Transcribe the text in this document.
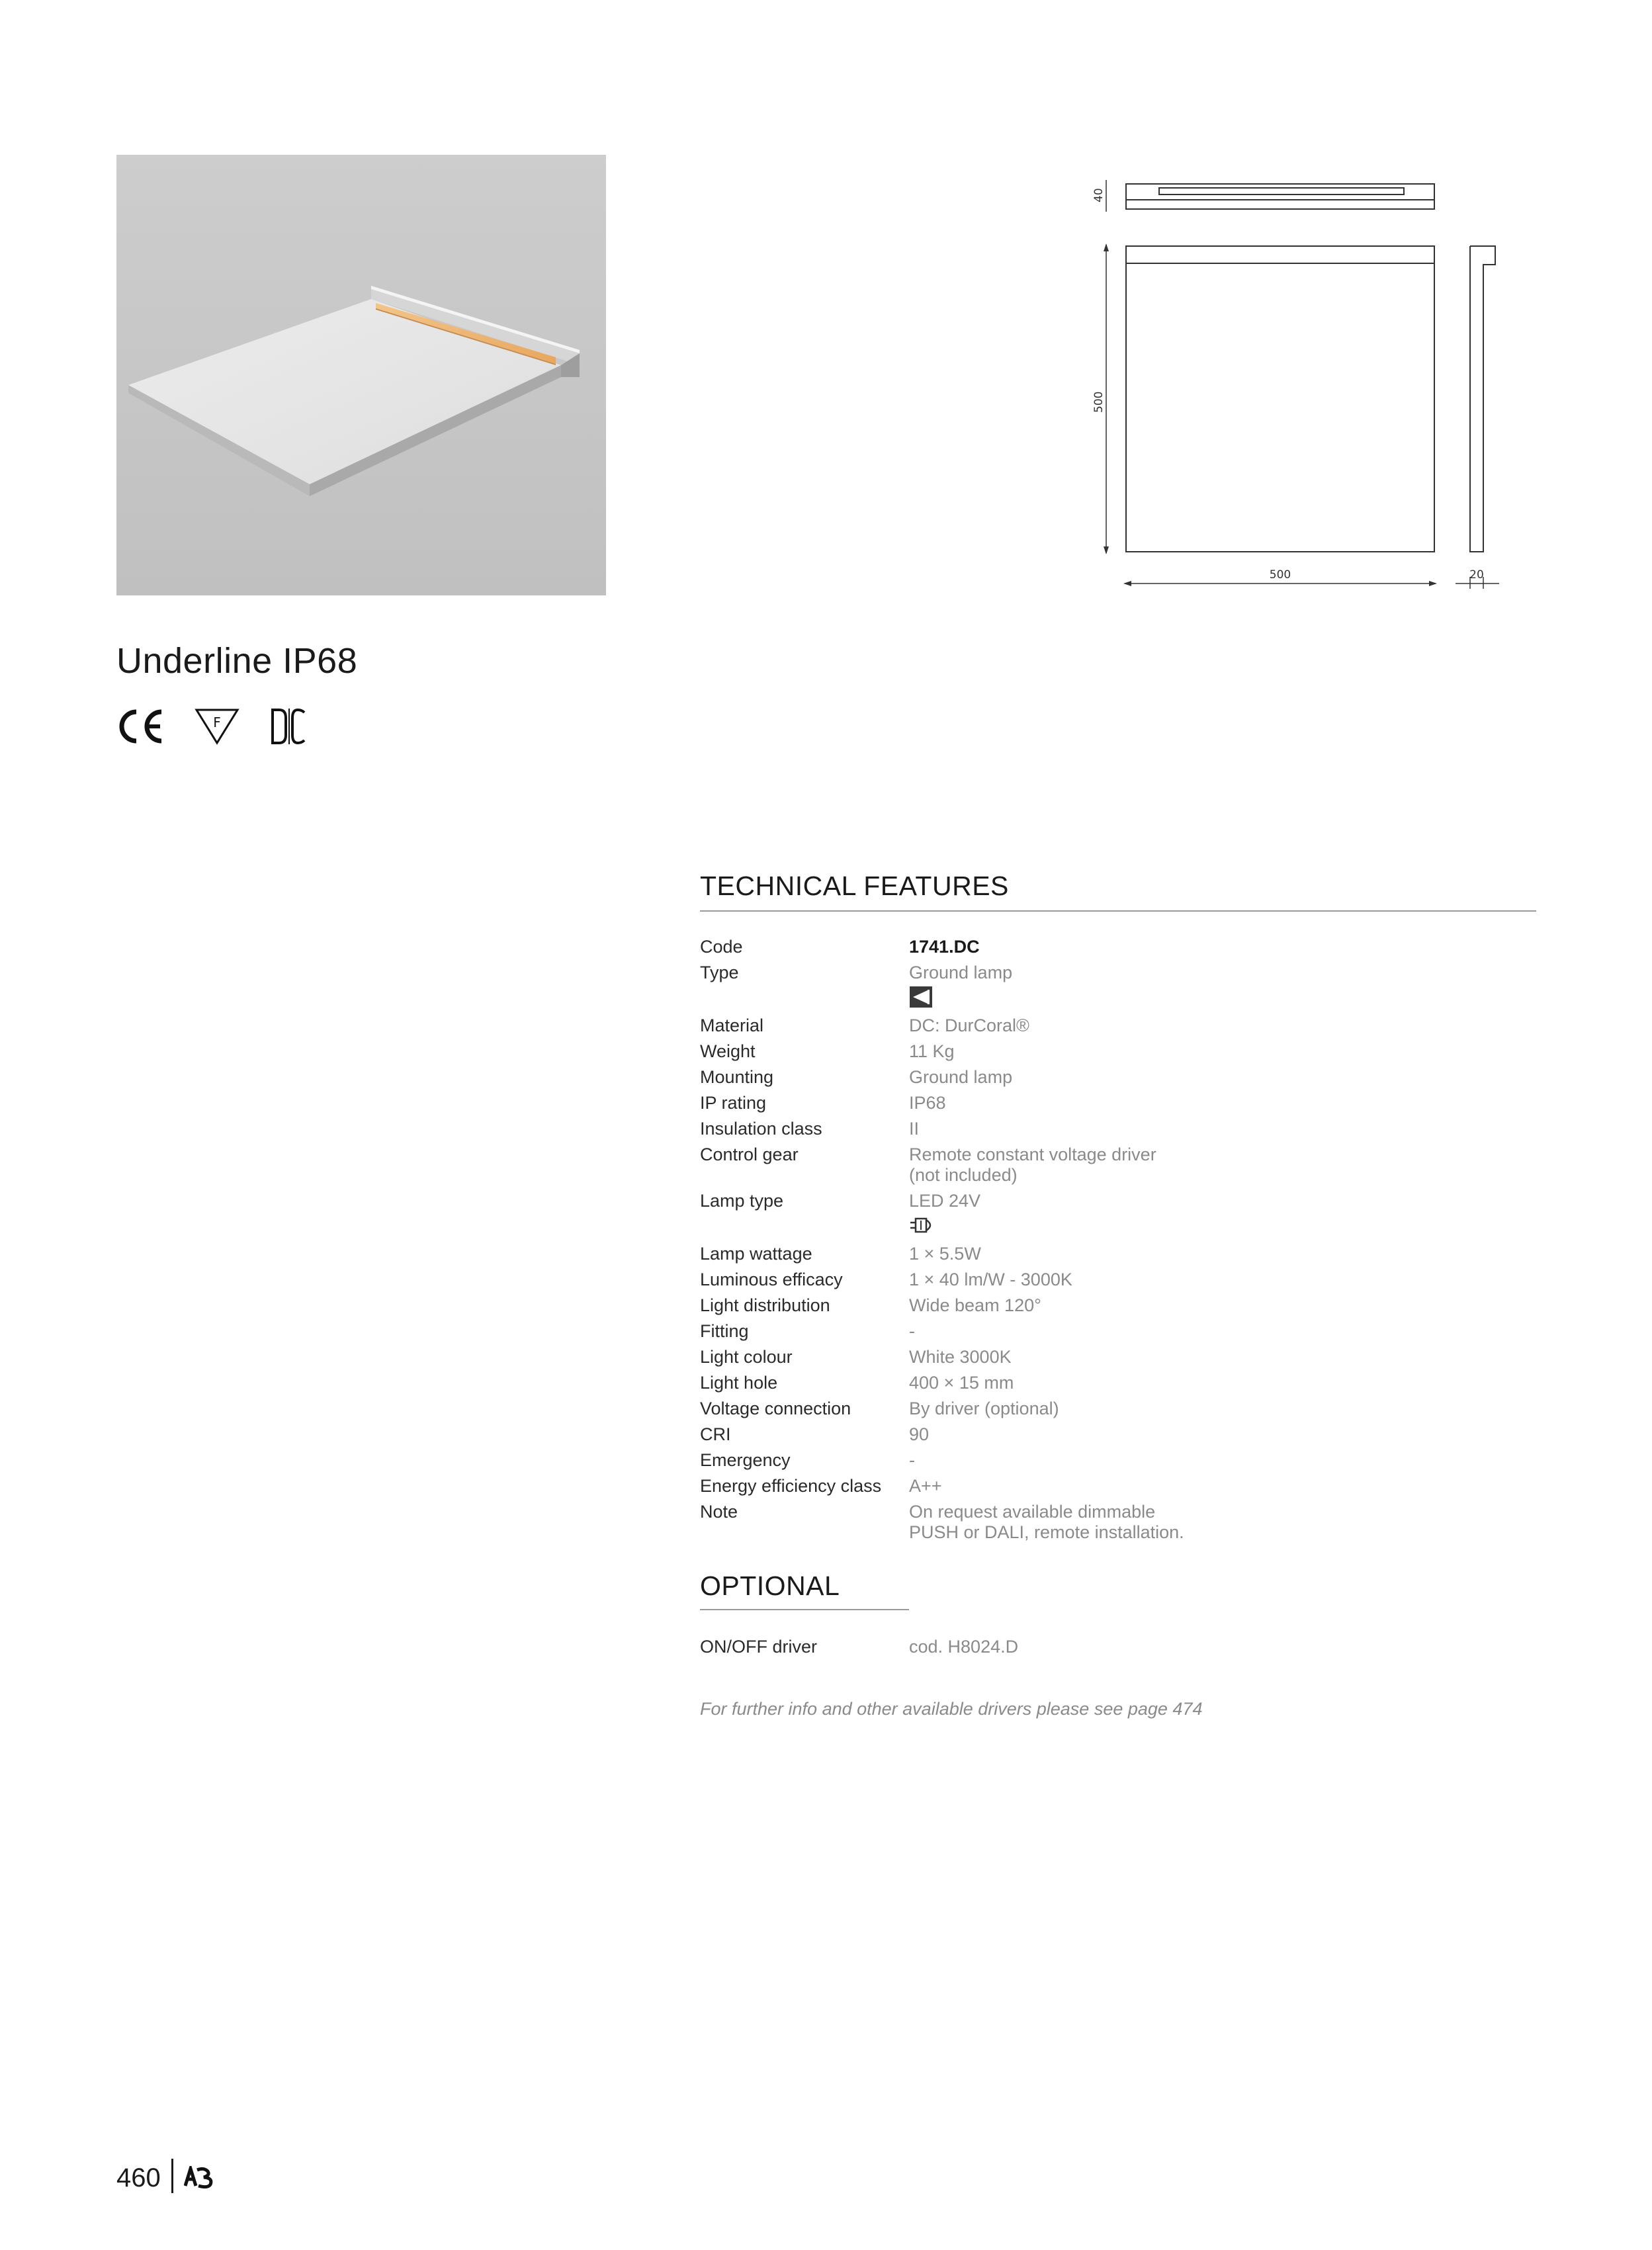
40
500
500	20
Underline IP68
F
TECHNICAL FEATURES
Code	1741.DC
Type	Ground lamp
Material	DC: DurCoral®
Weight	11 Kg
Mounting	Ground lamp
IP rating	IP68
Insulation class	II
Control gear	Remote constant voltage driver
(not included)
Lamp type	LED 24V
Lamp wattage	1 × 5.5W
Luminous efficacy	1 × 40 lm/W - 3000K
Light distribution	Wide beam 120°
Fitting	-
Light colour	White 3000K
Light hole	400 × 15 mm
Voltage connection	By driver (optional)
CRI	90
Emergency	-
Energy efficiency class	A++
Note	On request available dimmable
PUSH or DALI, remote installation.
OPTIONAL
ON/OFF driver	cod. H8024.D
For further info and other available drivers please see page 474
460
